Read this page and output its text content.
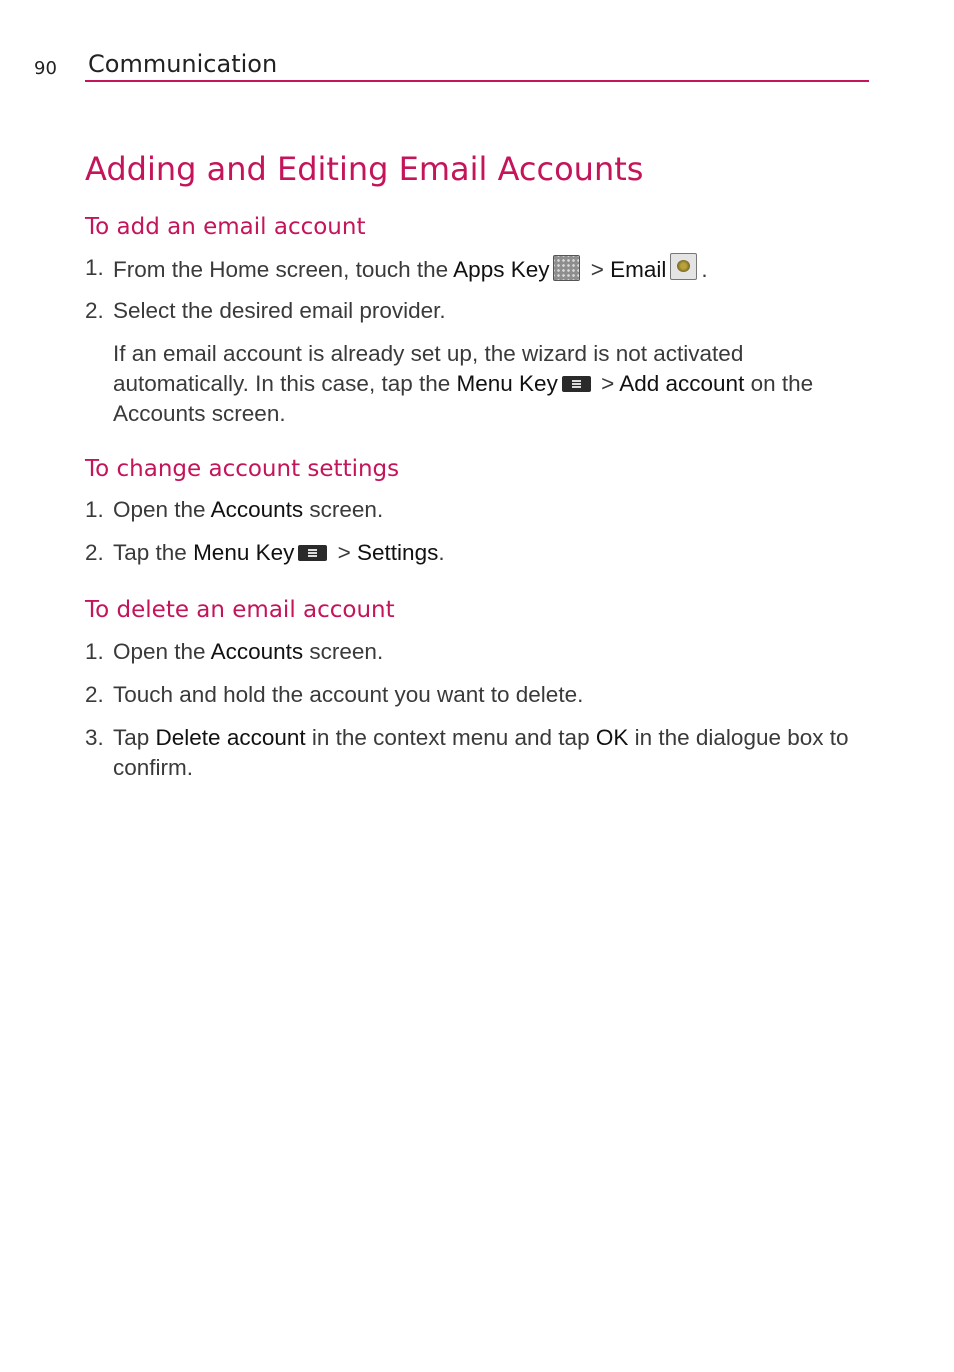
90 Communication
Adding and Editing Email Accounts
To add an email account
1. From the Home screen, touch the Apps Key > Email .
2. Select the desired email provider.
If an email account is already set up, the wizard is not activated automatically. In this case, tap the Menu Key > Add account on the Accounts screen.
To change account settings
1. Open the Accounts screen.
2. Tap the Menu Key > Settings.
To delete an email account
1. Open the Accounts screen.
2. Touch and hold the account you want to delete.
3. Tap Delete account in the context menu and tap OK in the dialogue box to confirm.
